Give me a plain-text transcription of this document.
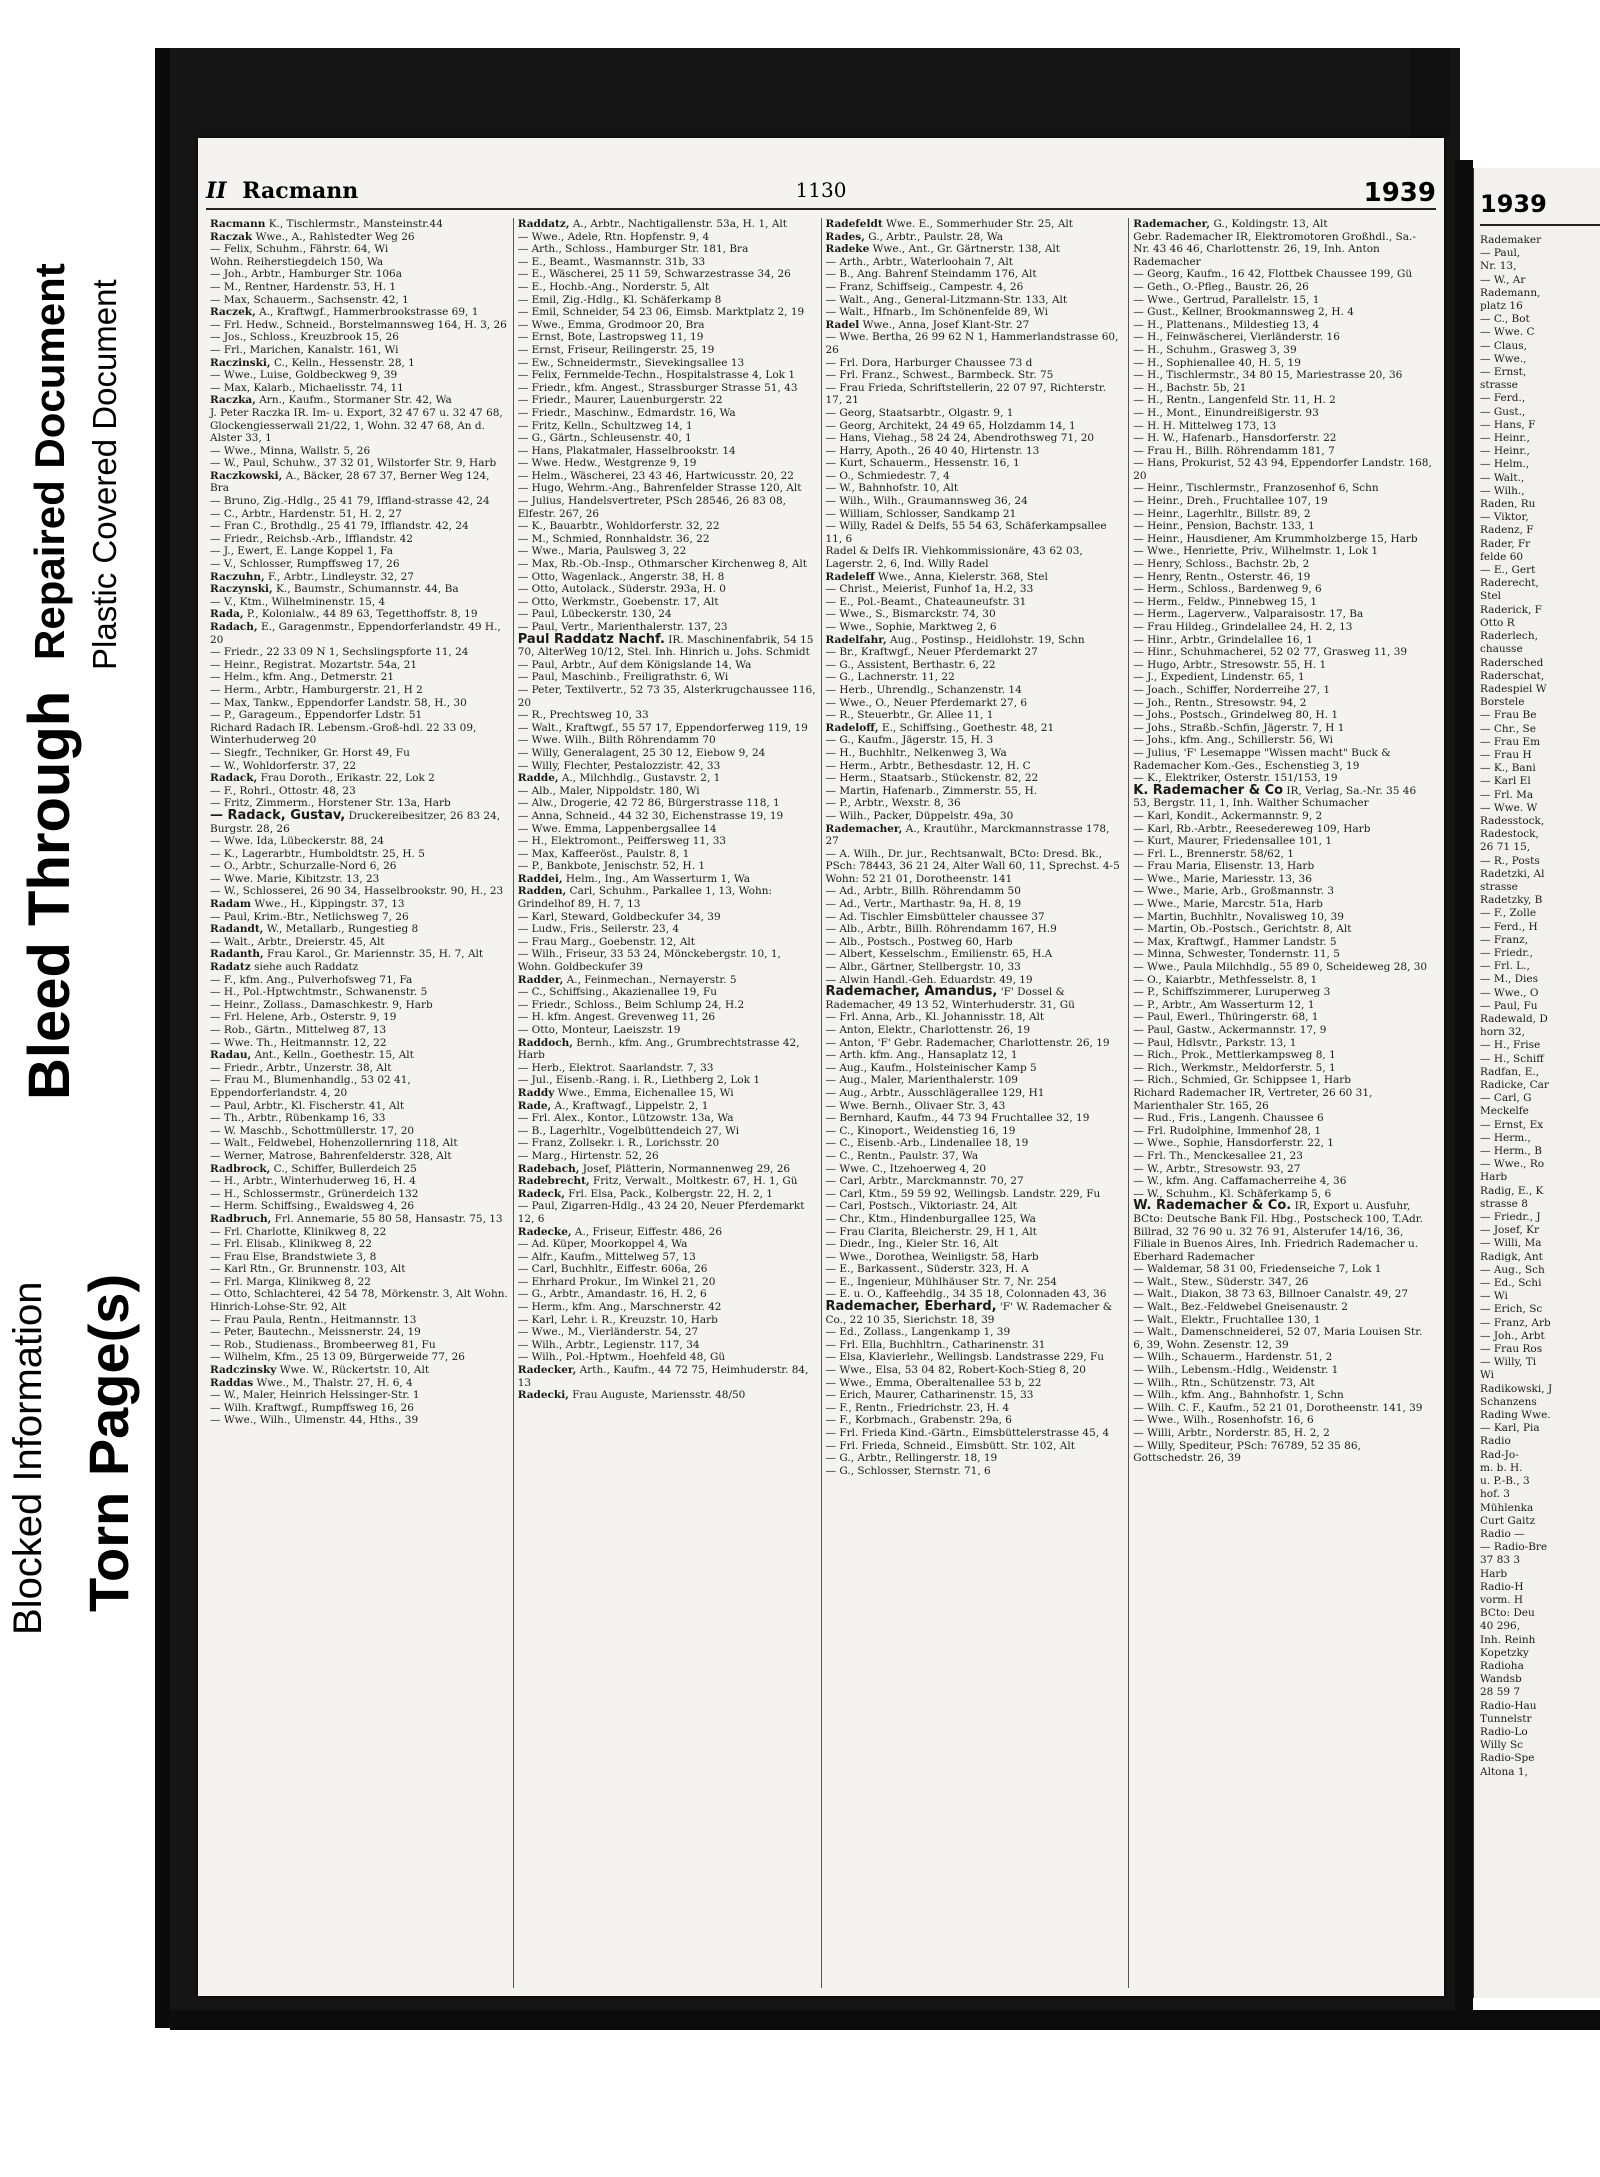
Blocked Information Torn Page(s)
Bleed Through
Repaired Document Plastic Covered Document
II Racmann	1130	1939

Racmann K., Tischlermstr., Mansteinstr.44

Raczak Wwe., A., Rahlstedter Weg 26

— Felix, Schuhm., Fährstr. 64, Wi

Wohn. Reiherstiegdeich 150, Wa

— Joh., Arbtr., Hamburger Str. 106a

— M., Rentner, Hardenstr. 53, H. 1

— Max, Schauerm., Sachsenstr. 42, 1

Raczek, A., Kraftwgf., Hammerbrookstrasse 69, 1

— Frl. Hedw., Schneid., Borstelmannsweg 164, H. 3, 26

— Jos., Schloss., Kreuzbrook 15, 26

— Frl., Marichen, Kanalstr. 161, Wi

Raczinski, C., Kelln., Hessenstr. 28, 1

— Wwe., Luise, Goldbeckweg 9, 39

— Max, Kalarb., Michaelisstr. 74, 11

Raczka, Arn., Kaufm., Stormaner Str. 42, Wa

J. Peter Raczka IR. Im- u. Export, 32 47 67 u. 32 47 68, Glockengiesserwall 21/22, 1, Wohn. 32 47 68, An d. Alster 33, 1

— Wwe., Minna, Wallstr. 5, 26

— W., Paul, Schuhw., 37 32 01, Wilstorfer Str. 9, Harb

Raczkowski, A., Bäcker, 28 67 37, Berner Weg 124, Bra

— Bruno, Zig.-Hdlg., 25 41 79, Iffland-strasse 42, 24

— C., Arbtr., Hardenstr. 51, H. 2, 27

— Fran C., Brothdlg., 25 41 79, Ifflandstr. 42, 24

— Friedr., Reichsb.-Arb., Ifflandstr. 42

— J., Ewert, E. Lange Koppel 1, Fa

— V., Schlosser, Rumpffsweg 17, 26

Raczuhn, F., Arbtr., Lindleystr. 32, 27

Raczynski, K., Baumstr., Schumannstr. 44, Ba

— V., Ktm., Wilhelminenstr. 15, 4

Rada, P., Kolonialw., 44 89 63, Tegetthoffstr. 8, 19

Radach, E., Garagenmstr., Eppendorferlandstr. 49 H., 20

— Friedr., 22 33 09 N 1, Sechslingspforte 11, 24

— Heinr., Registrat. Mozartstr. 54a, 21

— Helm., kfm. Ang., Detmerstr. 21

— Herm., Arbtr., Hamburgerstr. 21, H 2

— Max, Tankw., Eppendorfer Landstr. 58, H., 30

— P., Garageum., Eppendorfer Ldstr. 51

Richard Radach IR. Lebensm.-Groß-hdl. 22 33 09, Winterhuderweg 20

— Siegfr., Techniker, Gr. Horst 49, Fu

— W., Wohldorferstr. 37, 22

Radack, Frau Doroth., Erikastr. 22, Lok 2

— F., Rohrl., Ottostr. 48, 23

— Fritz, Zimmerm., Horstener Str. 13a, Harb

— Radack, Gustav, Druckereibesitzer, 26 83 24, Burgstr. 28, 26

— Wwe. Ida, Lübeckerstr. 88, 24

— K., Lagerarbtr., Humboldtstr. 25, H. 5

— O., Arbtr., Schurzalle-Nord 6, 26

— Wwe. Marie, Kibitzstr. 13, 23

— W., Schlosserei, 26 90 34, Hasselbrookstr. 90, H., 23

Radam Wwe., H., Kippingstr. 37, 13

— Paul, Krim.-Btr., Netlichsweg 7, 26

Radandt, W., Metallarb., Rungestieg 8

— Walt., Arbtr., Dreierstr. 45, Alt

Radanth, Frau Karol., Gr. Mariennstr. 35, H. 7, Alt

Radatz siehe auch Raddatz

— F., kfm. Ang., Pulverhofsweg 71, Fa

— H., Pol.-Hptwchtmstr., Schwanenstr. 5

— Heinr., Zollass., Damaschkestr. 9, Harb

— Frl. Helene, Arb., Osterstr. 9, 19

— Rob., Gärtn., Mittelweg 87, 13

— Wwe. Th., Heitmannstr. 12, 22

Radau, Ant., Kelln., Goethestr. 15, Alt

— Friedr., Arbtr., Unzerstr. 38, Alt

— Frau M., Blumenhandlg., 53 02 41, Eppendorferlandstr. 4, 20

— Paul, Arbtr., Kl. Fischerstr. 41, Alt

— Th., Arbtr., Rübenkamp 16, 33

— W. Maschb., Schottmüllerstr. 17, 20

— Walt., Feldwebel, Hohenzollernring 118, Alt

— Werner, Matrose, Bahrenfelderstr. 328, Alt

Radbrock, C., Schiffer, Bullerdeich 25

— H., Arbtr., Winterhuderweg 16, H. 4

— H., Schlossermstr., Grünerdeich 132

— Herm. Schiffsing., Ewaldsweg 4, 26

Radbruch, Frl. Annemarie, 55 80 58, Hansastr. 75, 13

— Frl. Charlotte, Klinikweg 8, 22

— Frl. Elisab., Klinikweg 8, 22

— Frau Else, Brandstwiete 3, 8

— Karl Rtn., Gr. Brunnenstr. 103, Alt

— Frl. Marga, Klinikweg 8, 22

— Otto, Schlachterei, 42 54 78, Mörkenstr. 3, Alt Wohn. Hinrich-Lohse-Str. 92, Alt

— Frau Paula, Rentn., Heitmannstr. 13

— Peter, Bautechn., Meissnerstr. 24, 19

— Rob., Studienass., Brombeerweg 81, Fu

— Wilhelm, Kfm., 25 13 09, Bürgerweide 77, 26

Radczinsky Wwe. W., Rückertstr. 10, Alt

Raddas Wwe., M., Thalstr. 27, H. 6, 4

— W., Maler, Heinrich Helssinger-Str. 1

— Wilh. Kraftwgf., Rumpffsweg 16, 26

— Wwe., Wilh., Ulmenstr. 44, Hths., 39

Raddatz, A., Arbtr., Nachtigallenstr. 53a, H. 1, Alt

— Wwe., Adele, Rtn. Hopfenstr. 9, 4

— Arth., Schloss., Hamburger Str. 181, Bra

— E., Beamt., Wasmannstr. 31b, 33

— E., Wäscherei, 25 11 59, Schwarzestrasse 34, 26

— E., Hochb.-Ang., Norderstr. 5, Alt

— Emil, Zig.-Hdlg., Kl. Schäferkamp 8

— Emil, Schneider, 54 23 06, Eimsb. Marktplatz 2, 19

— Wwe., Emma, Grodmoor 20, Bra

— Ernst, Bote, Lastropsweg 11, 19

— Ernst, Friseur, Reilingerstr. 25, 19

— Ew., Schneidermstr., Sievekingsallee 13

— Felix, Fernmelde-Techn., Hospitalstrasse 4, Lok 1

— Friedr., kfm. Angest., Strassburger Strasse 51, 43

— Friedr., Maurer, Lauenburgerstr. 22

— Friedr., Maschinw., Edmardstr. 16, Wa

— Fritz, Kelln., Schultzweg 14, 1

— G., Gärtn., Schleusenstr. 40, 1

— Hans, Plakatmaler, Hasselbrookstr. 14

— Wwe. Hedw., Westgrenze 9, 19

— Helm., Wäscherei, 23 43 46, Hartwicusstr. 20, 22

— Hugo, Wehrm.-Ang., Bahrenfelder Strasse 120, Alt

— Julius, Handelsvertreter, PSch 28546, 26 83 08, Elfestr. 267, 26

— K., Bauarbtr., Wohldorferstr. 32, 22

— M., Schmied, Ronnhaldstr. 36, 22

— Wwe., Maria, Paulsweg 3, 22

— Max, Rb.-Ob.-Insp., Othmarscher Kirchenweg 8, Alt

— Otto, Wagenlack., Angerstr. 38, H. 8

— Otto, Autolack., Süderstr. 293a, H. 0

— Otto, Werkmstr., Goebenstr. 17, Alt

— Paul, Lübeckerstr. 130, 24

— Paul, Vertr., Marienthalerstr. 137, 23

Paul Raddatz Nachf. IR. Maschinenfabrik, 54 15 70, AlterWeg 10/12, Stel. Inh. Hinrich u. Johs. Schmidt

— Paul, Arbtr., Auf dem Königslande 14, Wa

— Paul, Maschinb., Freiligrathstr. 6, Wi

— Peter, Textilvertr., 52 73 35, Alsterkrugchaussee 116, 20

— R., Prechtsweg 10, 33

— Walt., Kraftwgf., 55 57 17, Eppendorferweg 119, 19

— Wwe. Wilh., Bilth Röhrendamm 70

— Willy, Generalagent, 25 30 12, Eiebow 9, 24

— Willy, Flechter, Pestalozzistr. 42, 33

Radde, A., Milchhdlg., Gustavstr. 2, 1

— Alb., Maler, Nippoldstr. 180, Wi

— Alw., Drogerie, 42 72 86, Bürgerstrasse 118, 1

— Anna, Schneid., 44 32 30, Eichenstrasse 19, 19

— Wwe. Emma, Lappenbergsallee 14

— H., Elektromont., Peiffersweg 11, 33

— Max, Kaffeeröst., Paulstr. 8, 1

— P., Bankbote, Jenischstr. 52, H. 1

Raddei, Helm., Ing., Am Wasserturm 1, Wa

Radden, Carl, Schuhm., Parkallee 1, 13, Wohn: Grindelhof 89, H. 7, 13

— Karl, Steward, Goldbeckufer 34, 39

— Ludw., Fris., Seilerstr. 23, 4

— Frau Marg., Goebenstr. 12, Alt

— Wilh., Friseur, 33 53 24, Mönckebergstr. 10, 1, Wohn. Goldbeckufer 39

Radder, A., Feinmechan., Nernayerstr. 5

— C., Schiffsing., Akazienallee 19, Fu

— Friedr., Schloss., Beim Schlump 24, H.2

— H. kfm. Angest. Grevenweg 11, 26

— Otto, Monteur, Laeiszstr. 19

Raddoch, Bernh., kfm. Ang., Grumbrechtstrasse 42, Harb

— Herb., Elektrot. Saarlandstr. 7, 33

— Jul., Eisenb.-Rang. i. R., Liethberg 2, Lok 1

Raddy Wwe., Emma, Eichenallee 15, Wi

Rade, A., Kraftwagf., Lippelstr. 2, 1

— Frl. Alex., Kontor., Lützowstr. 13a, Wa

— B., Lagerhltr., Vogelbüttendeich 27, Wi

— Franz, Zollsekr. i. R., Lorichsstr. 20

— Marg., Hirtenstr. 52, 26

Radebach, Josef, Plätterin, Normannenweg 29, 26

Radebrecht, Fritz, Verwalt., Moltkestr. 67, H. 1, Gü

Radeck, Frl. Elsa, Pack., Kolbergstr. 22, H. 2, 1

— Paul, Zigarren-Hdlg., 43 24 20, Neuer Pferdemarkt 12, 6

Radecke, A., Friseur, Eiffestr. 486, 26

— Ad. Küper, Moorkoppel 4, Wa

— Alfr., Kaufm., Mittelweg 57, 13

— Carl, Buchhltr., Eiffestr. 606a, 26

— Ehrhard Prokur., Im Winkel 21, 20

— G., Arbtr., Amandastr. 16, H. 2, 6

— Herm., kfm. Ang., Marschnerstr. 42

— Karl, Lehr. i. R., Kreuzstr. 10, Harb

— Wwe., M., Vierländerstr. 54, 27

— Wilh., Arbtr., Legienstr. 117, 34

— Wilh., Pol.-Hptwm., Hoehfeld 48, Gü

Radecker, Arth., Kaufm., 44 72 75, Heimhuderstr. 84, 13

Radecki, Frau Auguste, Mariensstr. 48/50

Radefeldt Wwe. E., Sommerhuder Str. 25, Alt

Rades, G., Arbtr., Paulstr. 28, Wa

Radeke Wwe., Ant., Gr. Gärtnerstr. 138, Alt

— Arth., Arbtr., Waterloohain 7, Alt

— B., Ang. Bahrenf Steindamm 176, Alt

— Franz, Schiffseig., Campestr. 4, 26

— Walt., Ang., General-Litzmann-Str. 133, Alt

— Walt., Hfnarb., Im Schönenfelde 89, Wi

Radel Wwe., Anna, Josef Klant-Str. 27

— Wwe. Bertha, 26 99 62 N 1, Hammerlandstrasse 60, 26

— Frl. Dora, Harburger Chaussee 73 d

— Frl. Franz., Schwest., Barmbeck. Str. 75

— Frau Frieda, Schriftstellerin, 22 07 97, Richterstr. 17, 21

— Georg, Staatsarbtr., Olgastr. 9, 1

— Georg, Architekt, 24 49 65, Holzdamm 14, 1

— Hans, Viehag., 58 24 24, Abendrothsweg 71, 20

— Harry, Apoth., 26 40 40, Hirtenstr. 13

— Kurt, Schauerm., Hessenstr. 16, 1

— O., Schmiedestr. 7, 4

— W., Bahnhofstr. 10, Alt

— Wilh., Wilh., Graumannsweg 36, 24

— William, Schlosser, Sandkamp 21

— Willy, Radel & Delfs, 55 54 63, Schäferkampsallee 11, 6

Radel & Delfs IR. Viehkommissionäre, 43 62 03, Lagerstr. 2, 6, Ind. Willy Radel

Radeleff Wwe., Anna, Kielerstr. 368, Stel

— Christ., Meierist, Funhof 1a, H.2, 33

— E., Pol.-Beamt., Chateauneufstr. 31

— Wwe., S., Bismarckstr. 74, 30

— Wwe., Sophie, Marktweg 2, 6

Radelfahr, Aug., Postinsp., Heidlohstr. 19, Schn

— Br., Kraftwgf., Neuer Pferdemarkt 27

— G., Assistent, Berthastr. 6, 22

— G., Lachnerstr. 11, 22

— Herb., Uhrendlg., Schanzenstr. 14

— Wwe., O., Neuer Pferdemarkt 27, 6

— R., Steuerbtr., Gr. Allee 11, 1

Radeloff, E., Schiffsing., Goethestr. 48, 21

— G., Kaufm., Jägerstr. 15, H. 3

— H., Buchhltr., Nelkenweg 3, Wa

— Herm., Arbtr., Bethesdastr. 12, H. C

— Herm., Staatsarb., Stückenstr. 82, 22

— Martin, Hafenarb., Zimmerstr. 55, H.

— P., Arbtr., Wexstr. 8, 36

— Wilh., Packer, Düppelstr. 49a, 30

Rademacher, A., Krautühr., Marckmannstrasse 178, 27

— A. Wilh., Dr. jur., Rechtsanwalt, BCto: Dresd. Bk., PSch: 78443, 36 21 24, Alter Wall 60, 11, Sprechst. 4-5 Wohn: 52 21 01, Dorotheenstr. 141

— Ad., Arbtr., Billh. Röhrendamm 50

— Ad., Vertr., Marthastr. 9a, H. 8, 19

— Ad. Tischler Eimsbütteler chaussee 37

— Alb., Arbtr., Billh. Röhrendamm 167, H.9

— Alb., Postsch., Postweg 60, Harb

— Albert, Kesselschm., Emilienstr. 65, H.A

— Albr., Gärtner, Stellbergstr. 10, 33

— Alwin Handl.-Geh. Eduardstr. 49, 19

Rademacher, Amandus, 'F' Dossel & Rademacher, 49 13 52, Winterhuderstr. 31, Gü

— Frl. Anna, Arb., Kl. Johannisstr. 18, Alt

— Anton, Elektr., Charlottenstr. 26, 19

— Anton, 'F' Gebr. Rademacher, Charlottenstr. 26, 19

— Arth. kfm. Ang., Hansaplatz 12, 1

— Aug., Kaufm., Holsteinischer Kamp 5

— Aug., Maler, Marienthalerstr. 109

— Aug., Arbtr., Ausschlägerallee 129, H1

— Wwe. Bernh., Olivaer Str. 3, 43

— Bernhard, Kaufm., 44 73 94 Fruchtallee 32, 19

— C., Kinoport., Weidenstieg 16, 19

— C., Eisenb.-Arb., Lindenallee 18, 19

— C., Rentn., Paulstr. 37, Wa

— Wwe. C., Itzehoerweg 4, 20

— Carl, Arbtr., Marckmannstr. 70, 27

— Carl, Ktm., 59 59 92, Wellingsb. Landstr. 229, Fu

— Carl, Postsch., Viktoriastr. 24, Alt

— Chr., Ktm., Hindenburgallee 125, Wa

— Frau Clarita, Bleicherstr. 29, H 1, Alt

— Diedr., Ing., Kieler Str. 16, Alt

— Wwe., Dorothea, Weinligstr. 58, Harb

— E., Barkassent., Süderstr. 323, H. A

— E., Ingenieur, Mühlhäuser Str. 7, Nr. 254

— E. u. O., Kaffeehdlg., 34 35 18, Colonnaden 43, 36

Rademacher, Eberhard, 'F' W. Rademacher & Co., 22 10 35, Sierichstr. 18, 39

— Ed., Zollass., Langenkamp 1, 39

— Frl. Ella, Buchhltrn., Catharinenstr. 31

— Elsa, Klavierlehr., Wellingsb. Landstrasse 229, Fu

— Wwe., Elsa, 53 04 82, Robert-Koch-Stieg 8, 20

— Wwe., Emma, Oberaltenallee 53 b, 22

— Erich, Maurer, Catharinenstr. 15, 33

— F., Rentn., Friedrichstr. 23, H. 4

— F., Korbmach., Grabenstr. 29a, 6

— Frl. Frieda Kind.-Gärtn., Eimsbüttelerstrasse 45, 4

— Frl. Frieda, Schneid., Eimsbütt. Str. 102, Alt

— G., Arbtr., Rellingerstr. 18, 19

— G., Schlosser, Sternstr. 71, 6

Rademacher, G., Koldingstr. 13, Alt

Gebr. Rademacher IR, Elektromotoren Großhdl., Sa.-Nr. 43 46 46, Charlottenstr. 26, 19, Inh. Anton Rademacher

— Georg, Kaufm., 16 42, Flottbek Chaussee 199, Gü

— Geth., O.-Pfleg., Baustr. 26, 26

— Wwe., Gertrud, Parallelstr. 15, 1

— Gust., Kellner, Brookmannsweg 2, H. 4

— H., Plattenans., Mildestieg 13, 4

— H., Feinwäscherei, Vierländerstr. 16

— H., Schuhm., Grasweg 3, 39

— H., Sophienallee 40, H. 5, 19

— H., Tischlermstr., 34 80 15, Mariestrasse 20, 36

— H., Bachstr. 5b, 21

— H., Rentn., Langenfeld Str. 11, H. 2

— H., Mont., Einundreißigerstr. 93

— H. H. Mittelweg 173, 13

— H. W., Hafenarb., Hansdorferstr. 22

— Frau H., Billh. Röhrendamm 181, 7

— Hans, Prokurist, 52 43 94, Eppendorfer Landstr. 168, 20

— Heinr., Tischlermstr., Franzosenhof 6, Schn

— Heinr., Dreh., Fruchtallee 107, 19

— Heinr., Lagerhltr., Billstr. 89, 2

— Heinr., Pension, Bachstr. 133, 1

— Heinr., Hausdiener, Am Krummholzberge 15, Harb

— Wwe., Henriette, Priv., Wilhelmstr. 1, Lok 1

— Henry, Schloss., Bachstr. 2b, 2

— Henry, Rentn., Osterstr. 46, 19

— Herm., Schloss., Bardenweg 9, 6

— Herm., Feldw., Pinnebweg 15, 1

— Herm., Lagerverw., Valparaisostr. 17, Ba

— Frau Hildeg., Grindelallee 24, H. 2, 13

— Hinr., Arbtr., Grindelallee 16, 1

— Hinr., Schuhmacherei, 52 02 77, Grasweg 11, 39

— Hugo, Arbtr., Stresowstr. 55, H. 1

— J., Expedient, Lindenstr. 65, 1

— Joach., Schiffer, Norderreihe 27, 1

— Joh., Rentn., Stresowstr. 94, 2

— Johs., Postsch., Grindelweg 80, H. 1

— Johs., Straßb.-Schfin, Jägerstr. 7, H 1

— Johs., kfm. Ang., Schillerstr. 56, Wi

— Julius, 'F' Lesemappe "Wissen macht" Buck & Rademacher Kom.-Ges., Eschenstieg 3, 19

— K., Elektriker, Osterstr. 151/153, 19

K. Rademacher & Co IR, Verlag, Sa.-Nr. 35 46 53, Bergstr. 11, 1, Inh. Walther Schumacher

— Karl, Kondit., Ackermannstr. 9, 2

— Karl, Rb.-Arbtr., Reesedereweg 109, Harb

— Kurt, Maurer, Friedensallee 101, 1

— Frl. L., Brennerstr. 58/62, 1

— Frau Maria, Elisenstr. 13, Harb

— Wwe., Marie, Mariesstr. 13, 36

— Wwe., Marie, Arb., Großmannstr. 3

— Wwe., Marie, Marcstr. 51a, Harb

— Martin, Buchhltr., Novalisweg 10, 39

— Martin, Ob.-Postsch., Gerichtstr. 8, Alt

— Max, Kraftwgf., Hammer Landstr. 5

— Minna, Schwester, Tondernstr. 11, 5

— Wwe., Paula Milchhdlg., 55 89 0, Scheideweg 28, 30

— O., Kaiarbtr., Methfesselstr. 8, 1

— P., Schiffszimmerer, Luruperweg 3

— P., Arbtr., Am Wasserturm 12, 1

— Paul, Ewerl., Thüringerstr. 68, 1

— Paul, Gastw., Ackermannstr. 17, 9

— Paul, Hdlsvtr., Parkstr. 13, 1

— Rich., Prok., Mettlerkampsweg 8, 1

— Rich., Werkmstr., Meldorferstr. 5, 1

— Rich., Schmied, Gr. Schippsee 1, Harb

Richard Rademacher IR, Vertreter, 26 60 31, Marienthaler Str. 165, 26

— Rud., Fris., Langenh. Chaussee 6

— Frl. Rudolphine, Immenhof 28, 1

— Wwe., Sophie, Hansdorferstr. 22, 1

— Frl. Th., Menckesallee 21, 23

— W., Arbtr., Stresowstr. 93, 27

— W., kfm. Ang. Caffamacherreihe 4, 36

— W., Schuhm., Kl. Schäferkamp 5, 6

W. Rademacher & Co. IR, Export u. Ausfuhr, BCto: Deutsche Bank Fil. Hbg., Postscheck 100, T.Adr. Billrad, 32 76 90 u. 32 76 91, Alsterufer 14/16, 36, Filiale in Buenos Aires, Inh. Friedrich Rademacher u. Eberhard Rademacher

— Waldemar, 58 31 00, Friedenseiche 7, Lok 1

— Walt., Stew., Süderstr. 347, 26

— Walt., Diakon, 38 73 63, Billnoer Canalstr. 49, 27

— Walt., Bez.-Feldwebel Gneisenaustr. 2

— Walt., Elektr., Fruchtallee 130, 1

— Walt., Damenschneiderei, 52 07, Maria Louisen Str. 6, 39, Wohn. Zesenstr. 12, 39

— Wilh., Schauerm., Hardenstr. 51, 2

— Wilh., Lebensm.-Hdlg., Weidenstr. 1

— Wilh., Rtn., Schützenstr. 73, Alt

— Wilh., kfm. Ang., Bahnhofstr. 1, Schn

— Wilh. C. F., Kaufm., 52 21 01, Dorotheenstr. 141, 39

— Wwe., Wilh., Rosenhofstr. 16, 6

— Willi, Arbtr., Norderstr. 85, H. 2, 2

— Willy, Spediteur, PSch: 76789, 52 35 86, Gottschedstr. 26, 39

1939
Rademaker
— Paul,
Nr. 13,
— W., Ar
Rademann,
platz 16
— C., Bot
— Wwe. C
— Claus,
— Wwe.,
— Ernst,
strasse
— Ferd.,
— Gust.,
— Hans, F
— Heinr.,
— Heinr.,
— Helm.,
— Walt.,
— Wilh.,
Raden, Ru
— Viktor,
Radenz, F
Rader, Fr
felde 60
— E., Gert
Raderecht,
Stel
Raderick, F
Otto R
Raderlech,
chausse
Radersched
Raderschat,
Radespiel W
Borstele
— Frau Be
— Chr., Se
— Frau Em
— Frau H
— K., Bani
— Karl El
— Frl. Ma
— Wwe. W
Radesstock,
Radestock,
26 71 15,
— R., Posts
Radetzki, Al
strasse
Radetzky, B
— F., Zolle
— Ferd., H
— Franz,
— Friedr.,
— Frl. L.,
— M., Dies
— Wwe., O
— Paul, Fu
Radewald, D
horn 32,
— H., Frise
— H., Schiff
Radfan, E.,
Radicke, Car
— Carl, G
Meckelfe
— Ernst, Ex
— Herm.,
— Herm., B
— Wwe., Ro
Harb
Radig, E., K
strasse 8
— Friedr., J
— Josef, Kr
— Willi, Ma
Radigk, Ant
— Aug., Sch
— Ed., Schi
— Wi
— Erich, Sc
— Franz, Arb
— Joh., Arbt
— Frau Ros
— Willy, Ti
Wi
Radikowski, J
Schanzens
Rading Wwe.
— Karl, Pia
Radio
Rad-Jo-
m. b. H.
u. P.-B., 3
hof. 3
Mühlenka
Curt Gaitz
Radio —
— Radio-Bre
37 83 3
Harb
Radio-H
vorm. H
BCto: Deu
40 296,
Inh. Reinh
Kopetzky
Radioha
Wandsb
28 59 7
Radio-Hau
Tunnelstr
Radio-Lo
Willy Sc
Radio-Spe
Altona 1,
